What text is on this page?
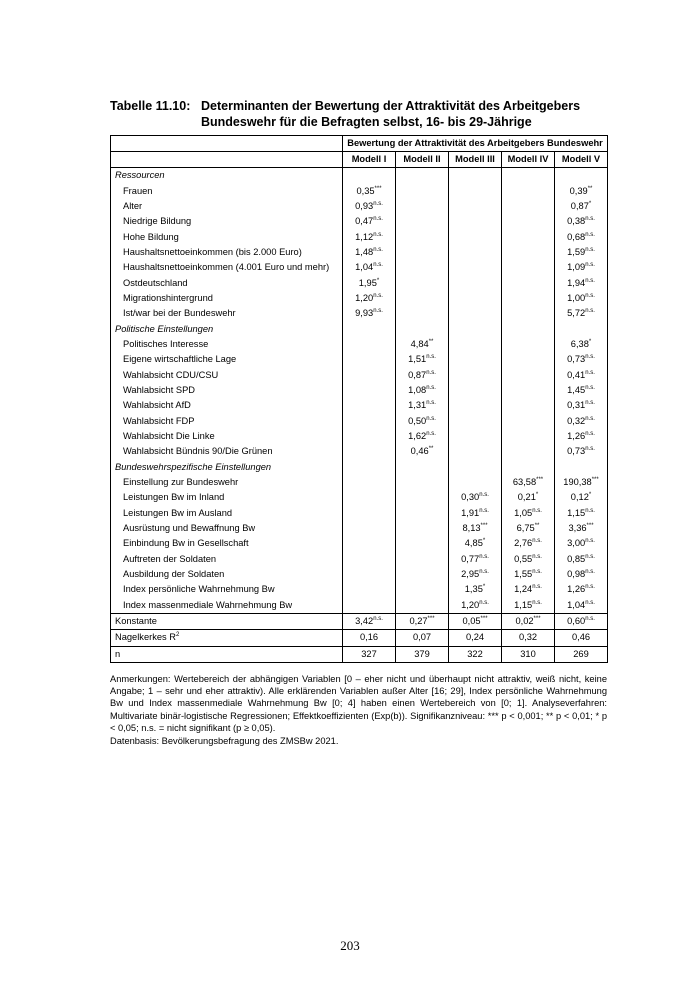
Tabelle 11.10: Determinanten der Bewertung der Attraktivität des Arbeitgebers Bundeswehr für die Befragten selbst, 16- bis 29-Jährige
	Bewertung der Attraktivität des Arbeitgebers Bundeswehr				
	Modell I	Modell II	Modell III	Modell IV	Modell V
Ressourcen					
Frauen	0,35***				0,39**
Alter	$0,93^{n.s.}$				0,87*
Niedrige Bildung	$0,47^{n.s.}$				$0,38^{n.s.}$
Hohe Bildung	$1,12^{n.s.}$				$0,68^{n.s.}$
Haushaltsnettoeinkommen (bis 2.000 Euro)	$1,48^{n.s.}$				$1,59^{n.s.}$
Haushaltsnettoeinkommen (4.001 Euro und mehr)	$1,04^{n.s.}$				$1,09^{n.s.}$
Ostdeutschland	1,95*				$1,94^{n.s.}$
Migrationshintergrund	$1,20^{n.s.}$				$1,00^{n.s.}$
Ist/war bei der Bundeswehr	$9,93^{n.s.}$				$5,72^{n.s.}$
Politische Einstellungen					
Politisches Interesse		4,84**			6,38*
Eigene wirtschaftliche Lage		$1,51^{n.s.}$			$0,73^{n.s.}$
Wahlabsicht CDU/CSU		$0,87^{n.s.}$			$0,41^{n.s.}$
Wahlabsicht SPD		$1,08^{n.s.}$			$1,45^{n.s.}$
Wahlabsicht AfD		$1,31^{n.s.}$			$0,31^{n.s.}$
Wahlabsicht FDP		$0,50^{n.s.}$			$0,32^{n.s.}$
Wahlabsicht Die Linke		$1,62^{n.s.}$			$1,26^{n.s.}$
Wahlabsicht Bündnis 90/Die Grünen		0,46**			$0,73^{n.s.}$
Bundeswehrspezifische Einstellungen					
Einstellung zur Bundeswehr				63,58***	190,38***
Leistungen Bw im Inland			$0,30^{n.s.}$	0,21*	0,12*
Leistungen Bw im Ausland			$1,91^{n.s.}$	$1,05^{n.s.}$	$1,15^{n.s.}$
Ausrüstung und Bewaffnung Bw			8,13***	6,75**	3,36***
Einbindung Bw in Gesellschaft			4,85*	$2,76^{n.s.}$	$3,00^{n.s.}$
Auftreten der Soldaten			$0,77^{n.s.}$	$0,55^{n.s.}$	$0,85^{n.s.}$
Ausbildung der Soldaten			$2,95^{n.s.}$	$1,55^{n.s.}$	$0,98^{n.s.}$
Index persönliche Wahrnehmung Bw			1,35*	$1,24^{n.s.}$	$1,26^{n.s.}$
Index massenmediale Wahrnehmung Bw			$1,20^{n.s.}$	$1,15^{n.s.}$	$1,04^{n.s.}$
Konstante	$3,42^{n.s.}$	0,27***	0,05***	0,02***	$0,60^{n.s.}$
Nagelkerkes $R^2$	0,16	0,07	0,24	0,32	0,46
n	327	379	322	310	269
Anmerkungen: Wertebereich der abhängigen Variablen [0 – eher nicht und überhaupt nicht attraktiv, weiß nicht, keine Angabe; 1 – sehr und eher attraktiv). Alle erklärenden Variablen außer Alter [16; 29], Index persönliche Wahrnehmung Bw und Index massenmediale Wahrnehmung Bw [0; 4] haben einen Wertebereich von [0; 1]. Analyseverfahren: Multivariate binär-logistische Regressionen; Effektkoeffizienten (Exp(b)). Signifikanzniveau: *** p < 0,001; ** p < 0,01; * p < 0,05; n.s. = nicht signifikant (p ≥ 0,05).
Datenbasis: Bevölkerungsbefragung des ZMSBw 2021.
203
